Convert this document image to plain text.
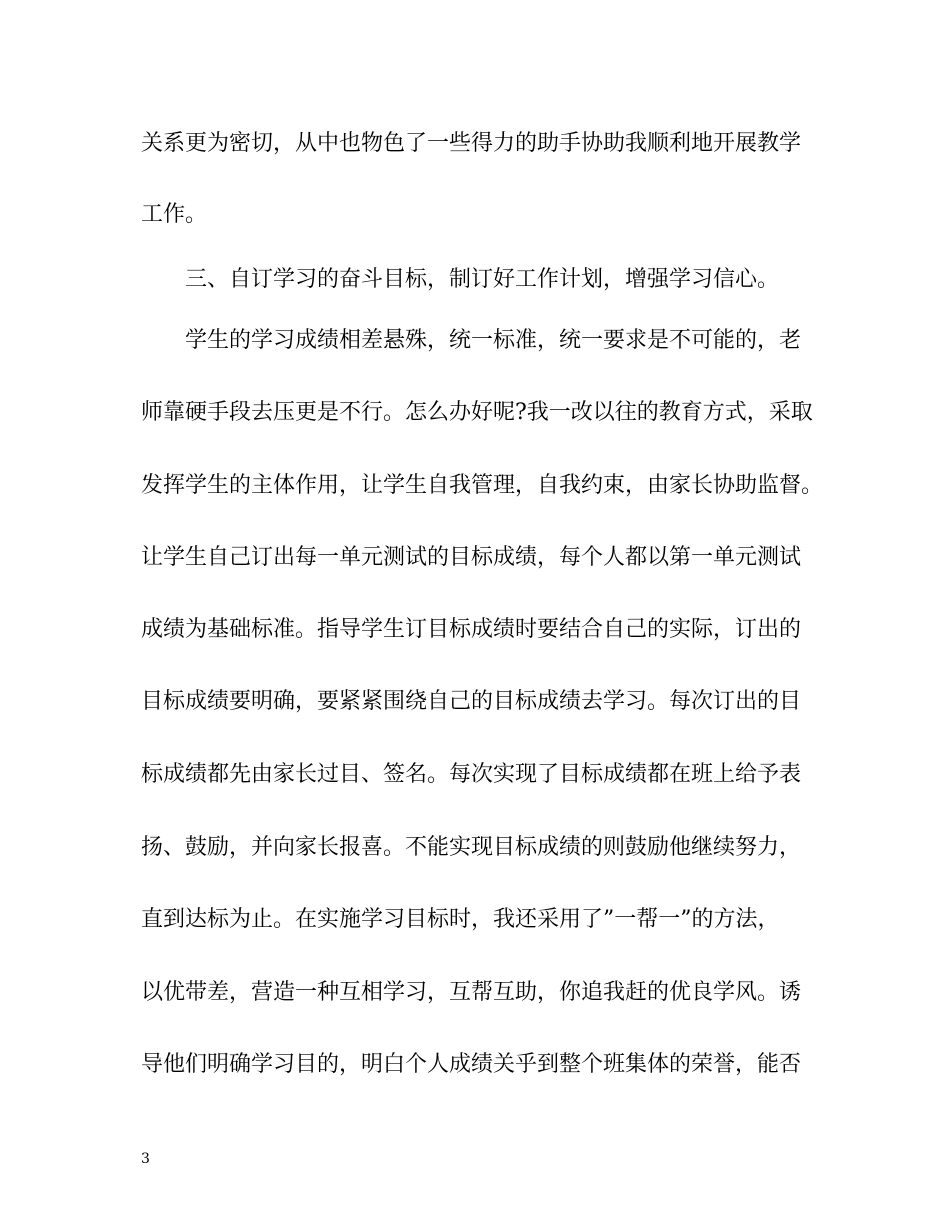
关系更为密切，从中也物色了一些得力的助手协助我顺利地开展教学
工作。
三、自订学习的奋斗目标，制订好工作计划，增强学习信心。
学生的学习成绩相差悬殊，统一标准，统一要求是不可能的，老
师靠硬手段去压更是不行。怎么办好呢?我一改以往的教育方式，采取
发挥学生的主体作用，让学生自我管理，自我约束，由家长协助监督。
让学生自己订出每一单元测试的目标成绩，每个人都以第一单元测试
成绩为基础标准。指导学生订目标成绩时要结合自己的实际，订出的
目标成绩要明确，要紧紧围绕自己的目标成绩去学习。每次订出的目
标成绩都先由家长过目、签名。每次实现了目标成绩都在班上给予表
扬、鼓励，并向家长报喜。不能实现目标成绩的则鼓励他继续努力，
直到达标为止。在实施学习目标时，我还采用了”一帮一”的方法，
以优带差，营造一种互相学习，互帮互助，你追我赶的优良学风。诱
导他们明确学习目的，明白个人成绩关乎到整个班集体的荣誉，能否
3
